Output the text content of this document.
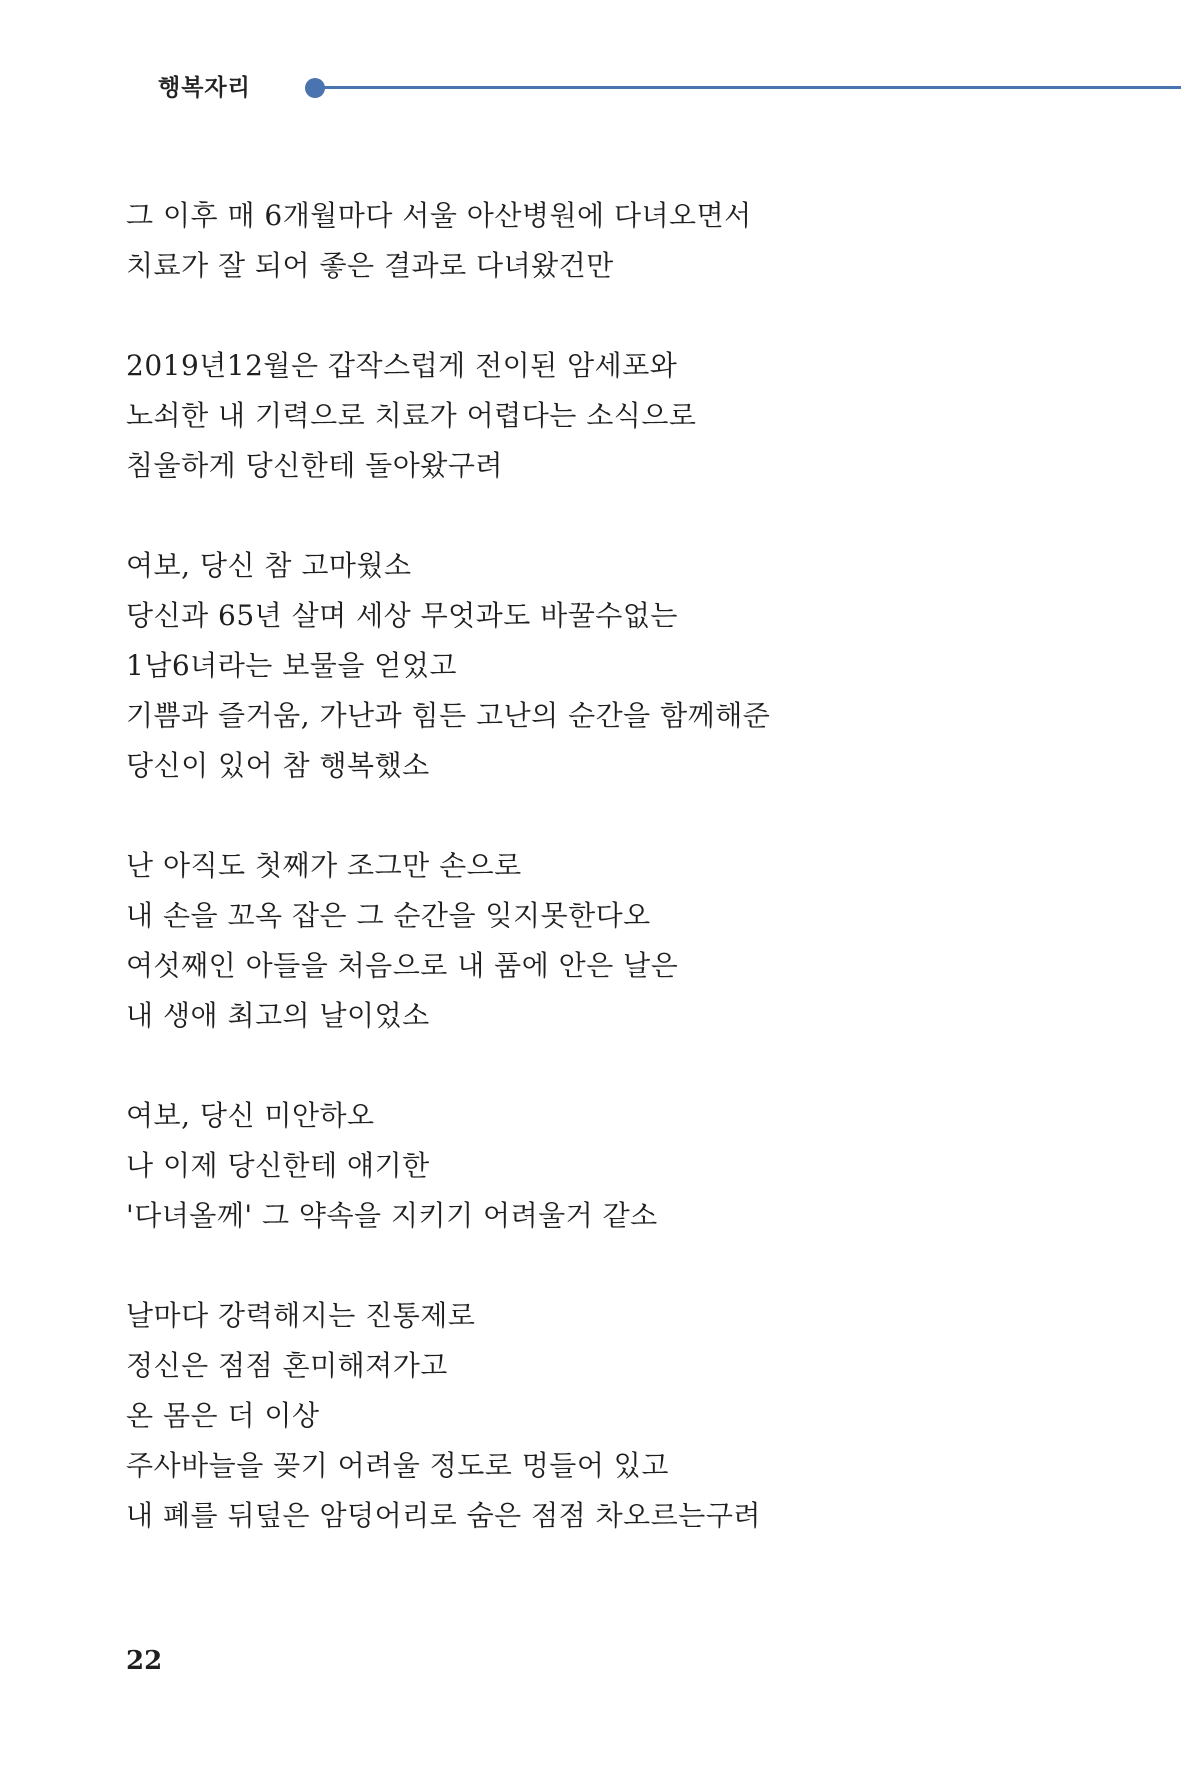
행복자리
그 이후 매 6개월마다 서울 아산병원에 다녀오면서
치료가 잘 되어 좋은 결과로 다녀왔건만
2019년12월은 갑작스럽게 전이된 암세포와
노쇠한 내 기력으로 치료가 어렵다는 소식으로
침울하게 당신한테 돌아왔구려
여보, 당신 참 고마웠소
당신과 65년 살며 세상 무엇과도 바꿀수없는
1남6녀라는 보물을 얻었고
기쁨과 즐거움, 가난과 힘든 고난의 순간을 함께해준
당신이 있어 참 행복했소
난 아직도 첫째가 조그만 손으로
내 손을 꼬옥 잡은 그 순간을 잊지못한다오
여섯째인 아들을 처음으로 내 품에 안은 날은
내 생애 최고의 날이었소
여보, 당신 미안하오
나 이제 당신한테 얘기한
'다녀올께' 그 약속을 지키기 어려울거 같소
날마다 강력해지는 진통제로
정신은 점점 혼미해져가고
온 몸은 더 이상
주사바늘을 꽂기 어려울 정도로 멍들어 있고
내 폐를 뒤덮은 암덩어리로 숨은 점점 차오르는구려
22
